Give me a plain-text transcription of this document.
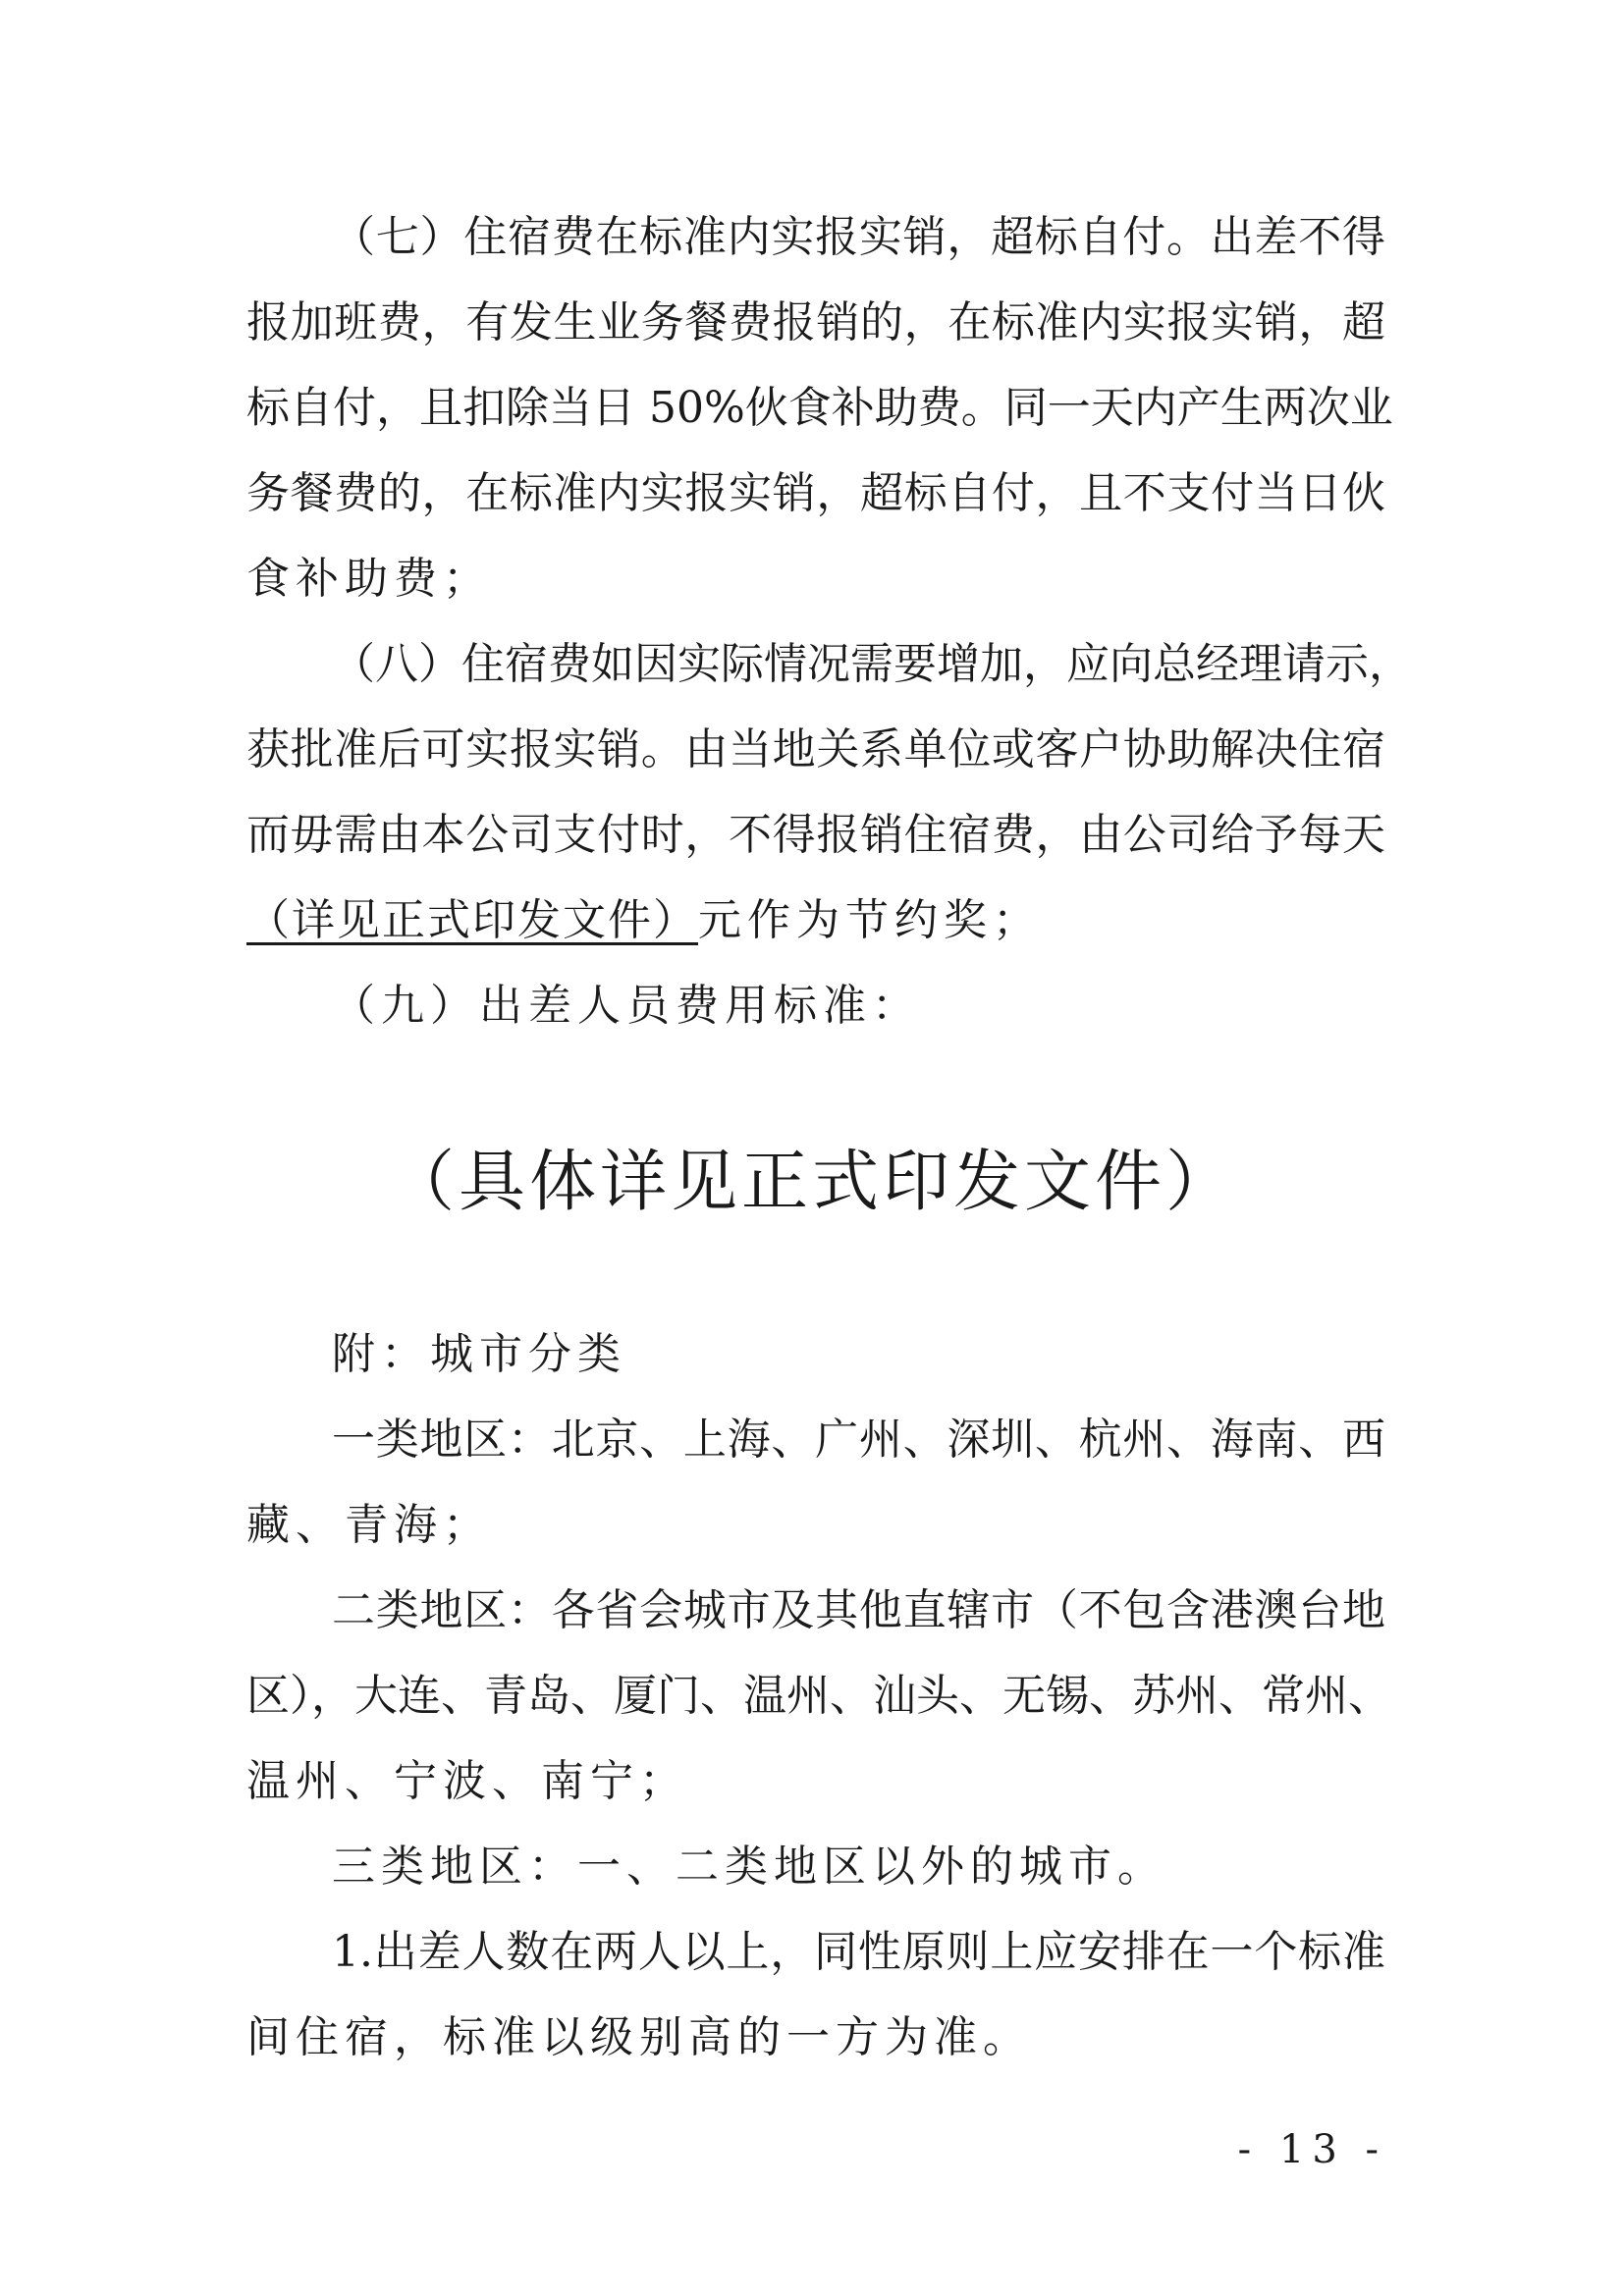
（七）住宿费在标准内实报实销，超标自付。出差不得
报加班费，有发生业务餐费报销的，在标准内实报实销，超
标自付，且扣除当日 50%伙食补助费。同一天内产生两次业
务餐费的，在标准内实报实销，超标自付，且不支付当日伙
食补助费；
（八）住宿费如因实际情况需要增加，应向总经理请示，
获批准后可实报实销。由当地关系单位或客户协助解决住宿
而毋需由本公司支付时，不得报销住宿费，由公司给予每天
（详见正式印发文件）元作为节约奖；
（九）出差人员费用标准：
（具体详见正式印发文件）
附：城市分类
一类地区：北京、上海、广州、深圳、杭州、海南、西
藏、青海；
二类地区：各省会城市及其他直辖市（不包含港澳台地
区），大连、青岛、厦门、温州、汕头、无锡、苏州、常州、
温州、宁波、南宁；
三类地区：一、二类地区以外的城市。
1.出差人数在两人以上，同性原则上应安排在一个标准
间住宿，标准以级别高的一方为准。
- 13 -
